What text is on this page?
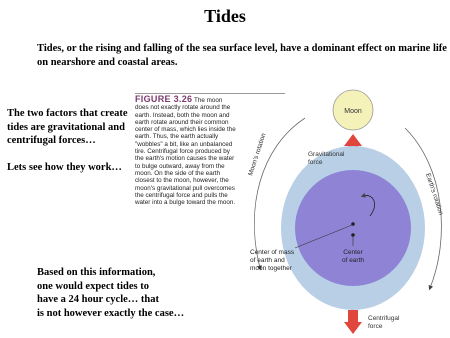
Tides
Tides, or the rising and falling of the sea surface level, have a dominant effect on marine life on nearshore and coastal areas.

The two factors that create tides are gravitational and centrifugal forces…

Lets see how they work…

FIGURE 3.26 The moon does not exactly rotate around the earth. Instead, both the moon and earth rotate around their common center of mass, which lies inside the earth. Thus, the earth actually "wobbles" a bit, like an unbalanced tire. Centrifugal force produced by the earth's motion causes the water to bulge outward, away from the moon. On the side of the earth closest to the moon, however, the moon's gravitational pull overcomes the centrifugal force and pulls the water into a bulge toward the moon.
Moon
Gravitational
force
Moon's rotation
Earth's rotation
Center of mass
of earth and
moon together
Center
of earth
Centrifugal
force

Based on this information,

one would expect tides to

have a 24 hour cycle… that

is not however exactly the case…
